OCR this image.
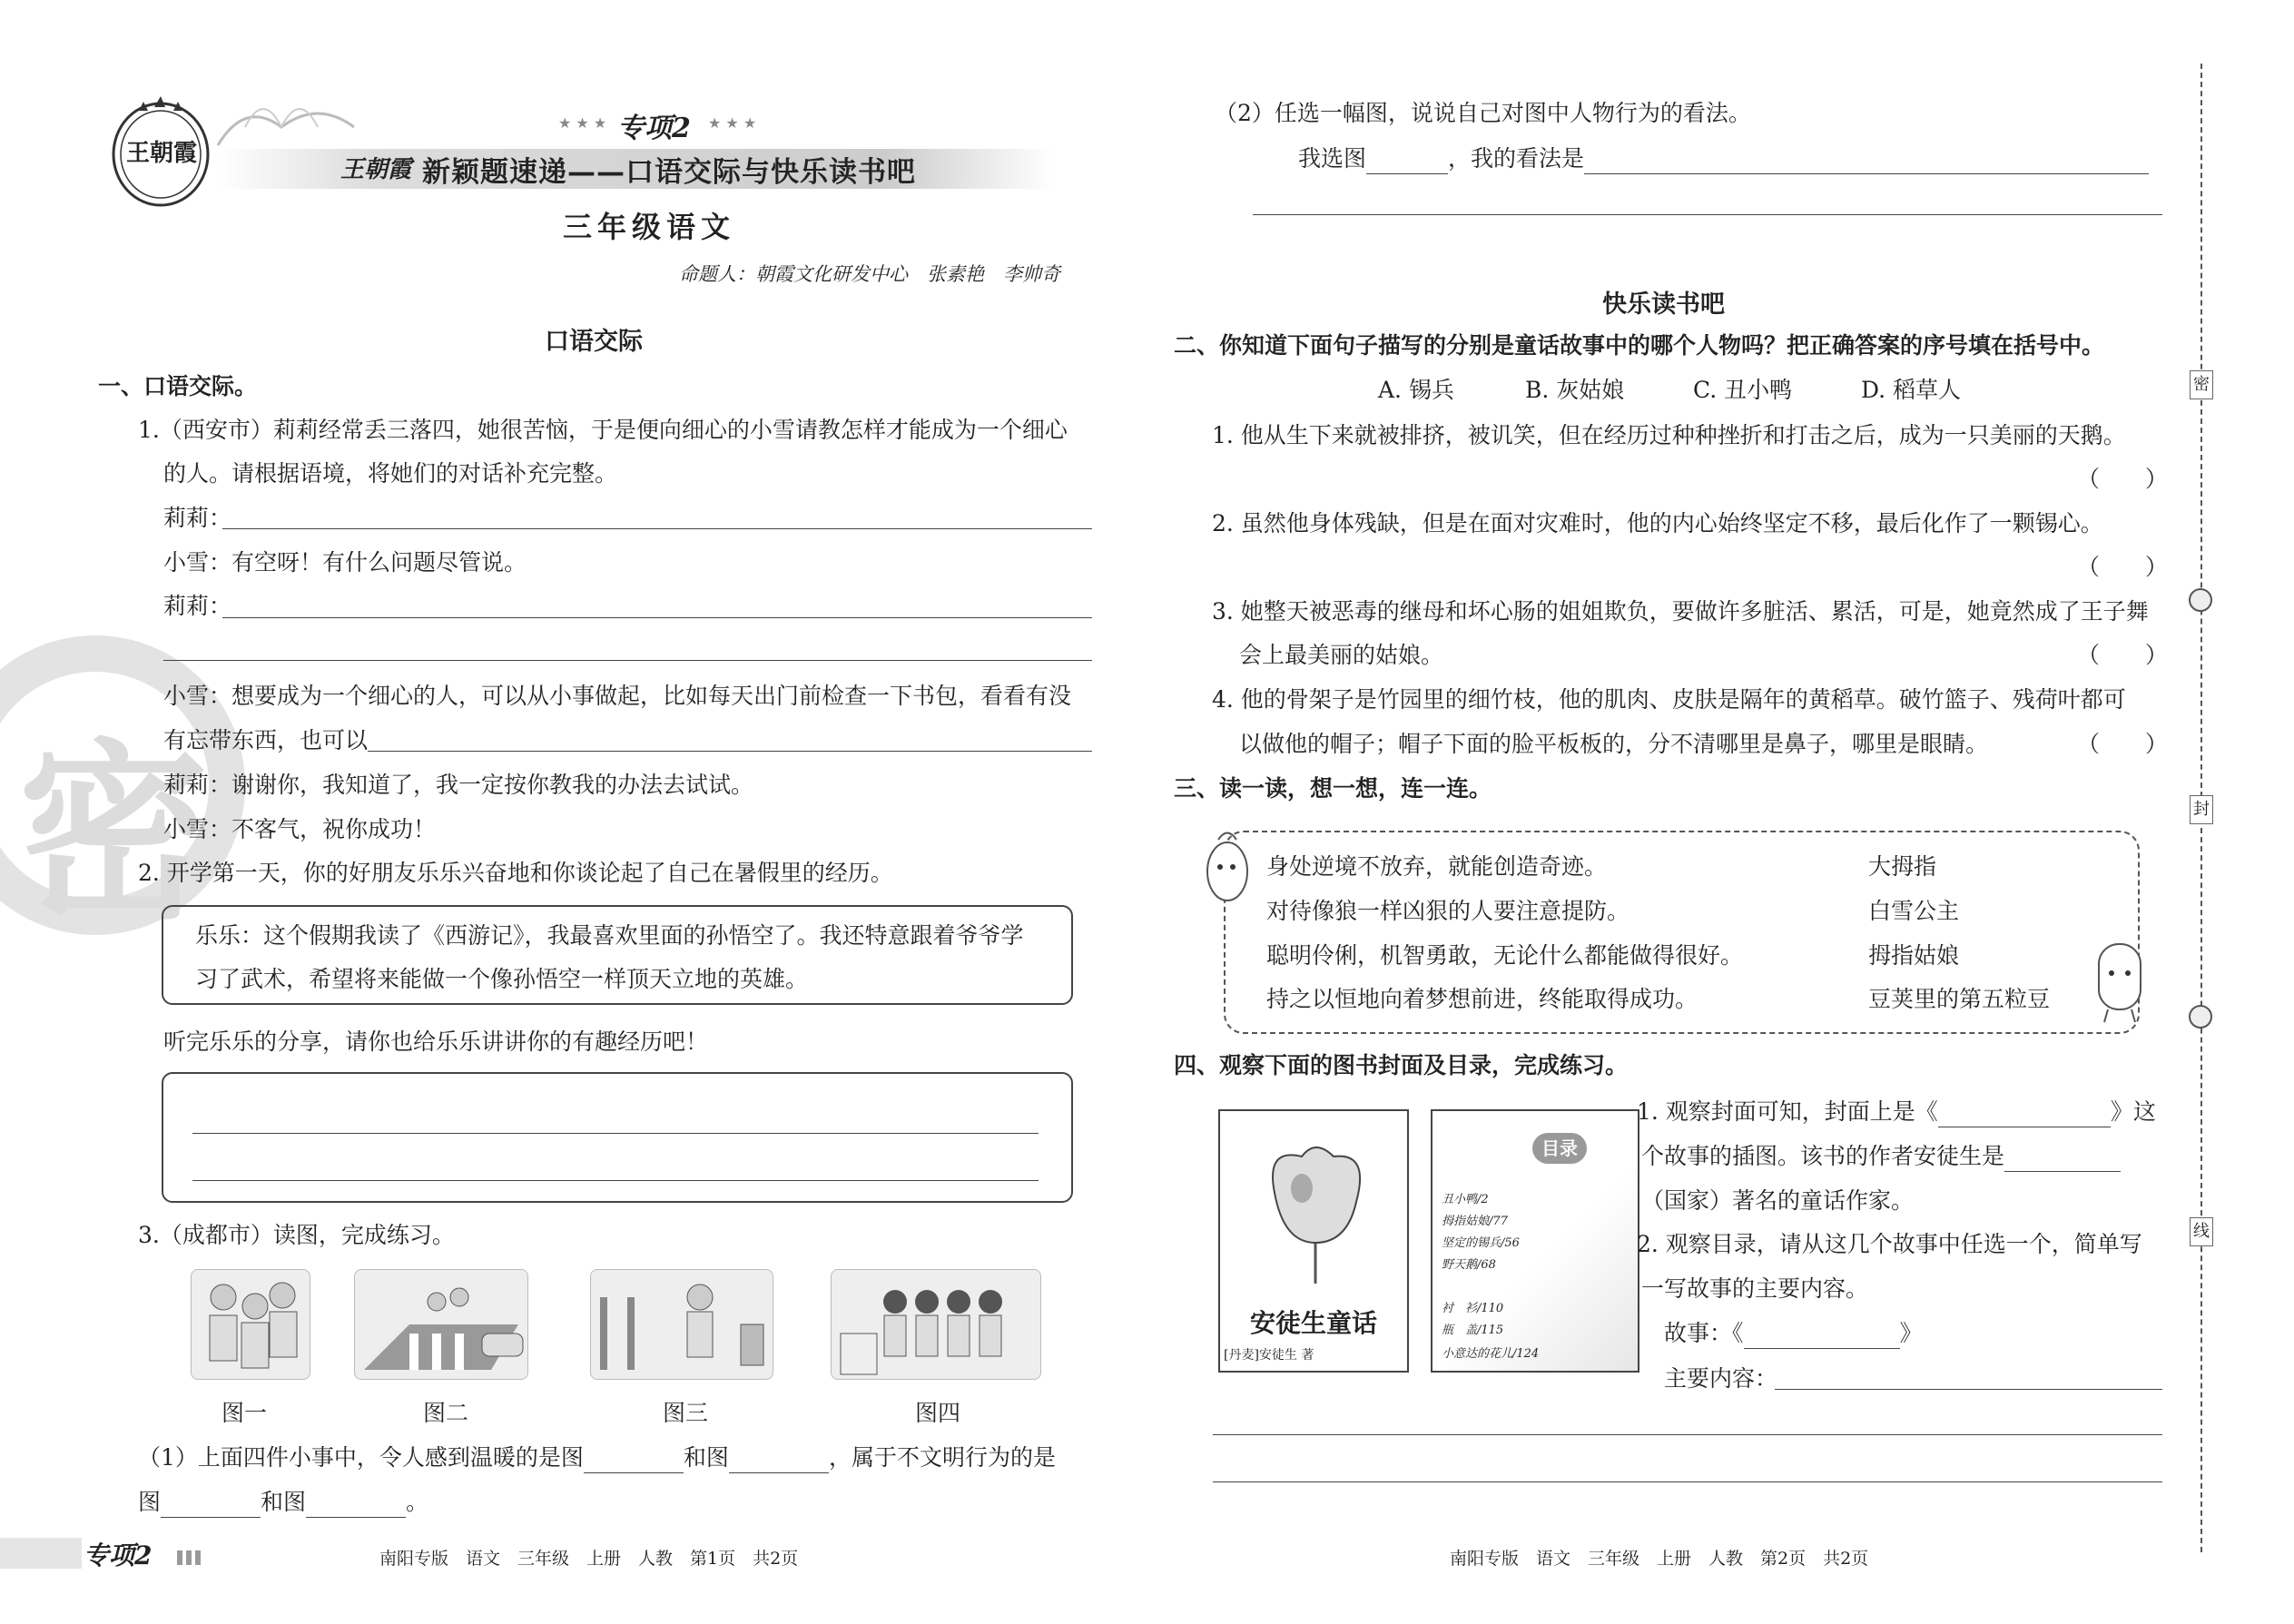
王朝霞
★ ★ ★ 专项2 ★ ★ ★
王朝霞 新颖题速递——口语交际与快乐读书吧
三年级语文
命题人：朝霞文化研发中心　张素艳　李帅奇
密
口语交际
一、口语交际。
1.（西安市）莉莉经常丢三落四，她很苦恼，于是便向细心的小雪请教怎样才能成为一个细心
的人。请根据语境，将她们的对话补充完整。
莉莉：
小雪：有空呀！有什么问题尽管说。
莉莉：
小雪：想要成为一个细心的人，可以从小事做起，比如每天出门前检查一下书包，看看有没
有忘带东西，也可以
莉莉：谢谢你，我知道了，我一定按你教我的办法去试试。
小雪：不客气，祝你成功！
2. 开学第一天，你的好朋友乐乐兴奋地和你谈论起了自己在暑假里的经历。
乐乐：这个假期我读了《西游记》，我最喜欢里面的孙悟空了。我还特意跟着爷爷学
习了武术，希望将来能做一个像孙悟空一样顶天立地的英雄。
听完乐乐的分享，请你也给乐乐讲讲你的有趣经历吧！
3.（成都市）读图，完成练习。
图一	图二	图三	图四
（1）上面四件小事中，令人感到温暖的是图	和图	，属于不文明行为的是
图	和图	。
专项2	南阳专版　语文　三年级　上册　人教　第1页　共2页
（2）任选一幅图，说说自己对图中人物行为的看法。
我选图	，我的看法是
快乐读书吧
二、你知道下面句子描写的分别是童话故事中的哪个人物吗？把正确答案的序号填在括号中。
A. 锡兵	B. 灰姑娘	C. 丑小鸭	D. 稻草人
1. 他从生下来就被排挤，被讥笑，但在经历过种种挫折和打击之后，成为一只美丽的天鹅。
（　　）
2. 虽然他身体残缺，但是在面对灾难时，他的内心始终坚定不移，最后化作了一颗锡心。
（　　）
3. 她整天被恶毒的继母和坏心肠的姐姐欺负，要做许多脏活、累活，可是，她竟然成了王子舞
会上最美丽的姑娘。	（　　）
4. 他的骨架子是竹园里的细竹枝，他的肌肉、皮肤是隔年的黄稻草。破竹篮子、残荷叶都可
以做他的帽子；帽子下面的脸平板板的，分不清哪里是鼻子，哪里是眼睛。	（　　）
三、读一读，想一想，连一连。
身处逆境不放弃，就能创造奇迹。
对待像狼一样凶狠的人要注意提防。
聪明伶俐，机智勇敢，无论什么都能做得很好。
持之以恒地向着梦想前进，终能取得成功。
大拇指
白雪公主
拇指姑娘
豆荚里的第五粒豆
四、观察下面的图书封面及目录，完成练习。
安徒生童话
[丹麦]安徒生 著
目录
丑小鸭/2
拇指姑娘/77
坚定的锡兵/56
野天鹅/68
衬　衫/110
瓶　盖/115
小意达的花儿/124
1. 观察封面可知，封面上是《	》这
个故事的插图。该书的作者安徒生是
（国家）著名的童话作家。
2. 观察目录，请从这几个故事中任选一个，简单写
一写故事的主要内容。
故事：《	》
主要内容：
南阳专版　语文　三年级　上册　人教　第2页　共2页
密
封
线
